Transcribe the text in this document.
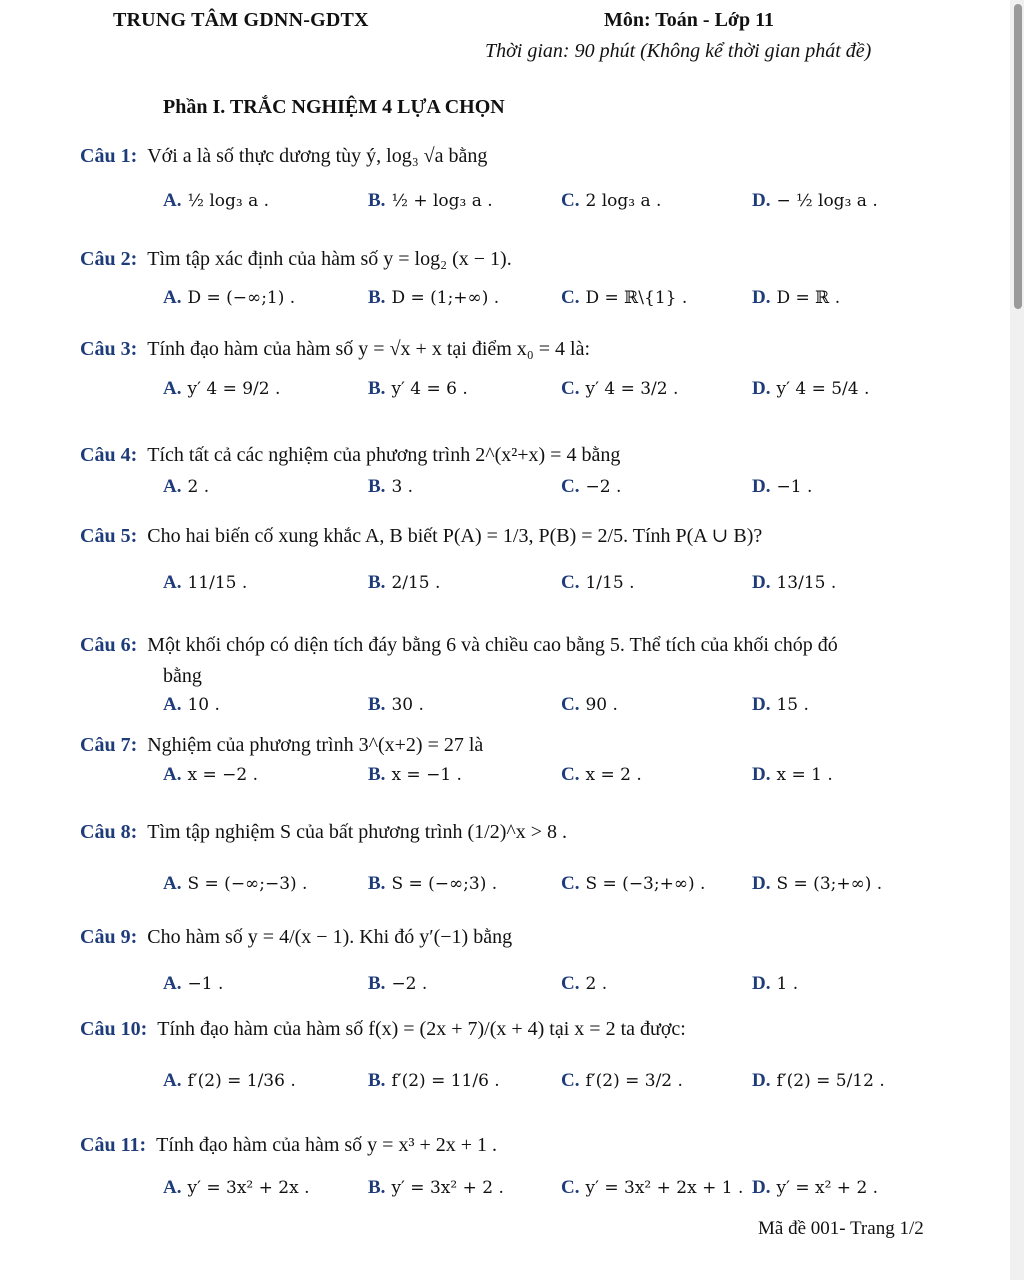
TRUNG TÂM GDNN-GDTX	Môn: Toán - Lớp 11
Thời gian: 90 phút (Không kể thời gian phát đề)
Phần I. TRẮC NGHIỆM 4 LỰA CHỌN
Câu 1: Với a là số thực dương tùy ý, log₃ √a bằng
A. ½ log₃ a .	B. ½ + log₃ a .	C. 2 log₃ a .	D. − ½ log₃ a .
Câu 2: Tìm tập xác định của hàm số y = log₂ (x − 1).
A. D = (−∞;1) .	B. D = (1;+∞) .	C. D = ℝ\{1} .	D. D = ℝ .
Câu 3: Tính đạo hàm của hàm số y = √x + x tại điểm x₀ = 4 là:
A. y′ 4 = 9/2 .	B. y′ 4 = 6 .	C. y′ 4 = 3/2 .	D. y′ 4 = 5/4 .
Câu 4: Tích tất cả các nghiệm của phương trình 2^(x²+x) = 4 bằng
A. 2 .	B. 3 .	C. −2 .	D. −1 .
Câu 5: Cho hai biến cố xung khắc A, B biết P(A) = 1/3, P(B) = 2/5. Tính P(A ∪ B)?
A. 11/15 .	B. 2/15 .	C. 1/15 .	D. 13/15 .
Câu 6: Một khối chóp có diện tích đáy bằng 6 và chiều cao bằng 5. Thể tích của khối chóp đó
bằng
A. 10 .	B. 30 .	C. 90 .	D. 15 .
Câu 7: Nghiệm của phương trình 3^(x+2) = 27 là
A. x = −2 .	B. x = −1 .	C. x = 2 .	D. x = 1 .
Câu 8: Tìm tập nghiệm S của bất phương trình (1/2)^x > 8 .
A. S = (−∞;−3) .	B. S = (−∞;3) .	C. S = (−3;+∞) . D. S = (3;+∞) .
Câu 9: Cho hàm số y = 4/(x − 1). Khi đó y′(−1) bằng
A. −1 .	B. −2 .	C. 2 .	D. 1 .
Câu 10: Tính đạo hàm của hàm số f(x) = (2x + 7)/(x + 4) tại x = 2 ta được:
A. f′(2) = 1/36 .	B. f′(2) = 11/6 .	C. f′(2) = 3/2 .	D. f′(2) = 5/12 .
Câu 11: Tính đạo hàm của hàm số y = x³ + 2x + 1 .
A. y′ = 3x² + 2x .	B. y′ = 3x² + 2 .	C. y′ = 3x² + 2x + 1 . D. y′ = x² + 2 .
Mã đề 001- Trang 1/2
